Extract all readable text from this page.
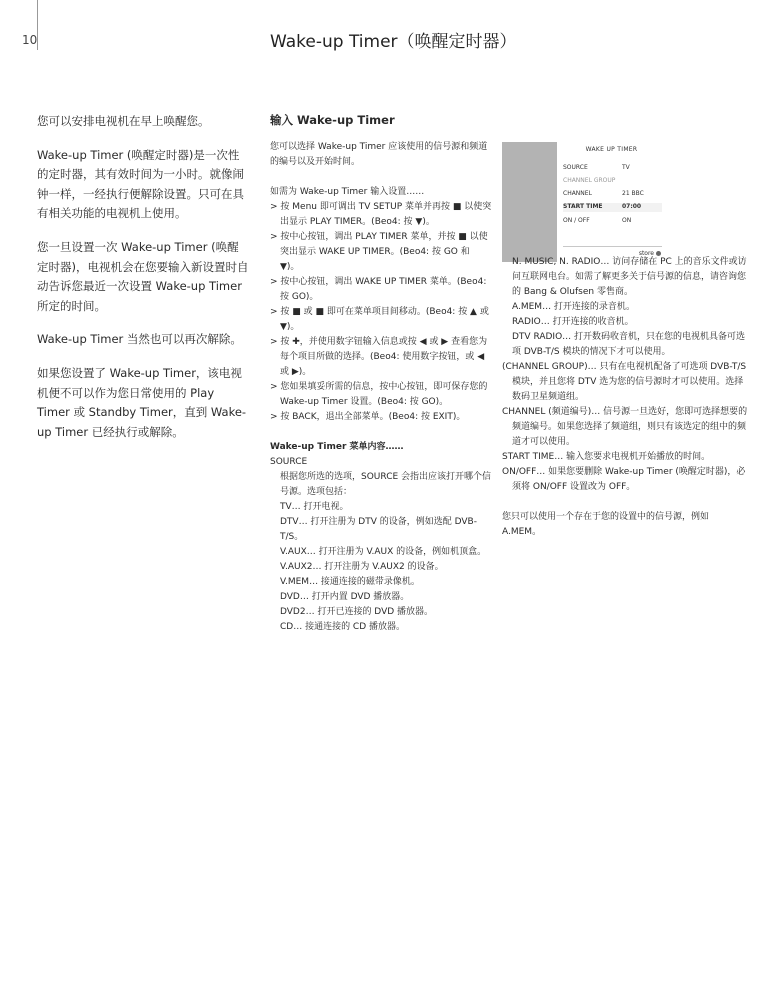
10	Wake-up Timer（唤醒定时器）

您可以安排电视机在早上唤醒您。

Wake-up Timer (唤醒定时器)是一次性的定时器，其有效时间为一小时。就像闹钟一样，一经执行便解除设置。只可在具有相关功能的电视机上使用。

您一旦设置一次 Wake-up Timer (唤醒定时器)，电视机会在您要输入新设置时自动告诉您最近一次设置 Wake-up Timer 所定的时间。

Wake-up Timer 当然也可以再次解除。

如果您设置了 Wake-up Timer，该电视机便不可以作为您日常使用的 Play Timer 或 Standby Timer，直到 Wake-up Timer 已经执行或解除。

输入 Wake-up Timer

您可以选择 Wake-up Timer 应该使用的信号源和频道的编号以及开始时间。

如需为 Wake-up Timer 输入设置……

> 按 Menu 即可调出 TV SETUP 菜单并再按 ■ 以使突出显示 PLAY TIMER。(Beo4: 按 ▼)。

> 按中心按钮，调出 PLAY TIMER 菜单，并按 ■ 以使突出显示 WAKE UP TIMER。(Beo4: 按 GO 和 ▼)。

> 按中心按钮，调出 WAKE UP TIMER 菜单。(Beo4: 按 GO)。

> 按 ■ 或 ■ 即可在菜单项目间移动。(Beo4: 按 ▲ 或 ▼)。

> 按 ✚，并使用数字钮输入信息或按 ◀ 或 ▶ 查看您为每个项目所做的选择。(Beo4: 使用数字按钮，或 ◀ 或 ▶)。

> 您如果填妥所需的信息，按中心按钮，即可保存您的 Wake-up Timer 设置。(Beo4: 按 GO)。

> 按 BACK，退出全部菜单。(Beo4: 按 EXIT)。

Wake-up Timer 菜单内容……

SOURCE

根据您所选的选项，SOURCE 会指出应该打开哪个信号源。选项包括：

TV… 打开电视。

DTV… 打开注册为 DTV 的设备，例如选配 DVB-T/S。

V.AUX… 打开注册为 V.AUX 的设备，例如机顶盒。

V.AUX2… 打开注册为 V.AUX2 的设备。

V.MEM… 接通连接的磁带录像机。

DVD… 打开内置 DVD 播放器。

DVD2… 打开已连接的 DVD 播放器。

CD… 接通连接的 CD 播放器。

WAKE UP TIMER
SOURCE	TV
CHANNEL GROUP
CHANNEL	21 BBC
START TIME	07:00
ON / OFF	ON
store

N. MUSIC, N. RADIO… 访问存储在 PC 上的音乐文件或访问互联网电台。如需了解更多关于信号源的信息，请咨询您的 Bang & Olufsen 零售商。

A.MEM… 打开连接的录音机。

RADIO… 打开连接的收音机。

DTV RADIO… 打开数码收音机，只在您的电视机具备可选项 DVB-T/S 模块的情况下才可以使用。

(CHANNEL GROUP)… 只有在电视机配备了可选项 DVB-T/S 模块，并且您将 DTV 选为您的信号源时才可以使用。选择数码卫星频道组。

CHANNEL (频道编号)… 信号源一旦选好，您即可选择想要的频道编号。如果您选择了频道组，则只有该选定的组中的频道才可以使用。

START TIME… 输入您要求电视机开始播放的时间。

ON/OFF… 如果您要删除 Wake-up Timer (唤醒定时器)，必须将 ON/OFF 设置改为 OFF。

您只可以使用一个存在于您的设置中的信号源，例如 A.MEM。
